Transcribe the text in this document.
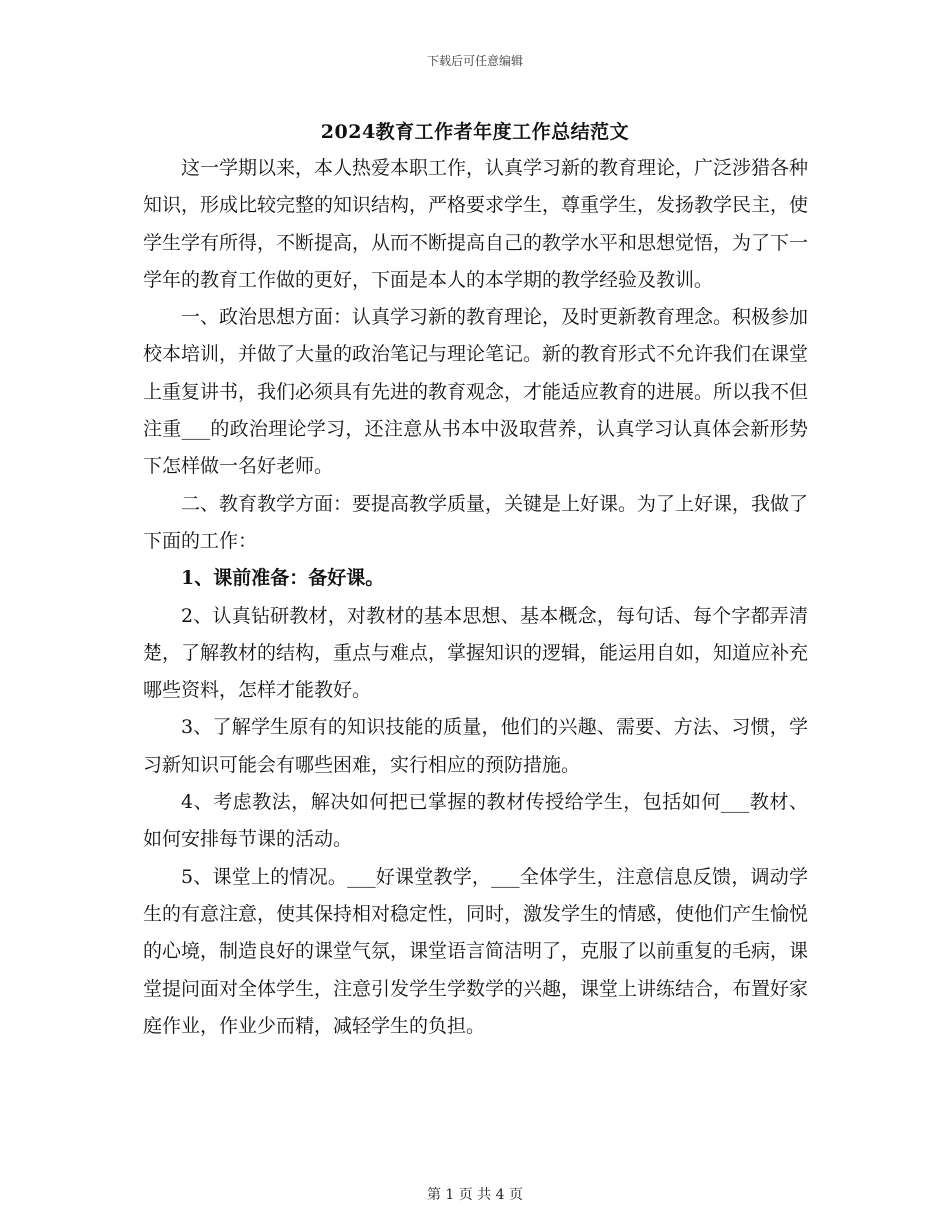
下载后可任意编辑
2024教育工作者年度工作总结范文

这一学期以来，本人热爱本职工作，认真学习新的教育理论，广泛涉猎各种知识，形成比较完整的知识结构，严格要求学生，尊重学生，发扬教学民主，使学生学有所得，不断提高，从而不断提高自己的教学水平和思想觉悟，为了下一学年的教育工作做的更好，下面是本人的本学期的教学经验及教训。

一、政治思想方面：认真学习新的教育理论，及时更新教育理念。积极参加校本培训，并做了大量的政治笔记与理论笔记。新的教育形式不允许我们在课堂上重复讲书，我们必须具有先进的教育观念，才能适应教育的进展。所以我不但注重___的政治理论学习，还注意从书本中汲取营养，认真学习认真体会新形势下怎样做一名好老师。

二、教育教学方面：要提高教学质量，关键是上好课。为了上好课，我做了下面的工作：

1、课前准备：备好课。

2、认真钻研教材，对教材的基本思想、基本概念，每句话、每个字都弄清楚，了解教材的结构，重点与难点，掌握知识的逻辑，能运用自如，知道应补充哪些资料，怎样才能教好。

3、了解学生原有的知识技能的质量，他们的兴趣、需要、方法、习惯，学习新知识可能会有哪些困难，实行相应的预防措施。

4、考虑教法，解决如何把已掌握的教材传授给学生，包括如何___教材、如何安排每节课的活动。

5、课堂上的情况。___好课堂教学，___全体学生，注意信息反馈，调动学生的有意注意，使其保持相对稳定性，同时，激发学生的情感，使他们产生愉悦的心境，制造良好的课堂气氛，课堂语言简洁明了，克服了以前重复的毛病，课堂提问面对全体学生，注意引发学生学数学的兴趣，课堂上讲练结合，布置好家庭作业，作业少而精，减轻学生的负担。

第 1 页 共 4 页
